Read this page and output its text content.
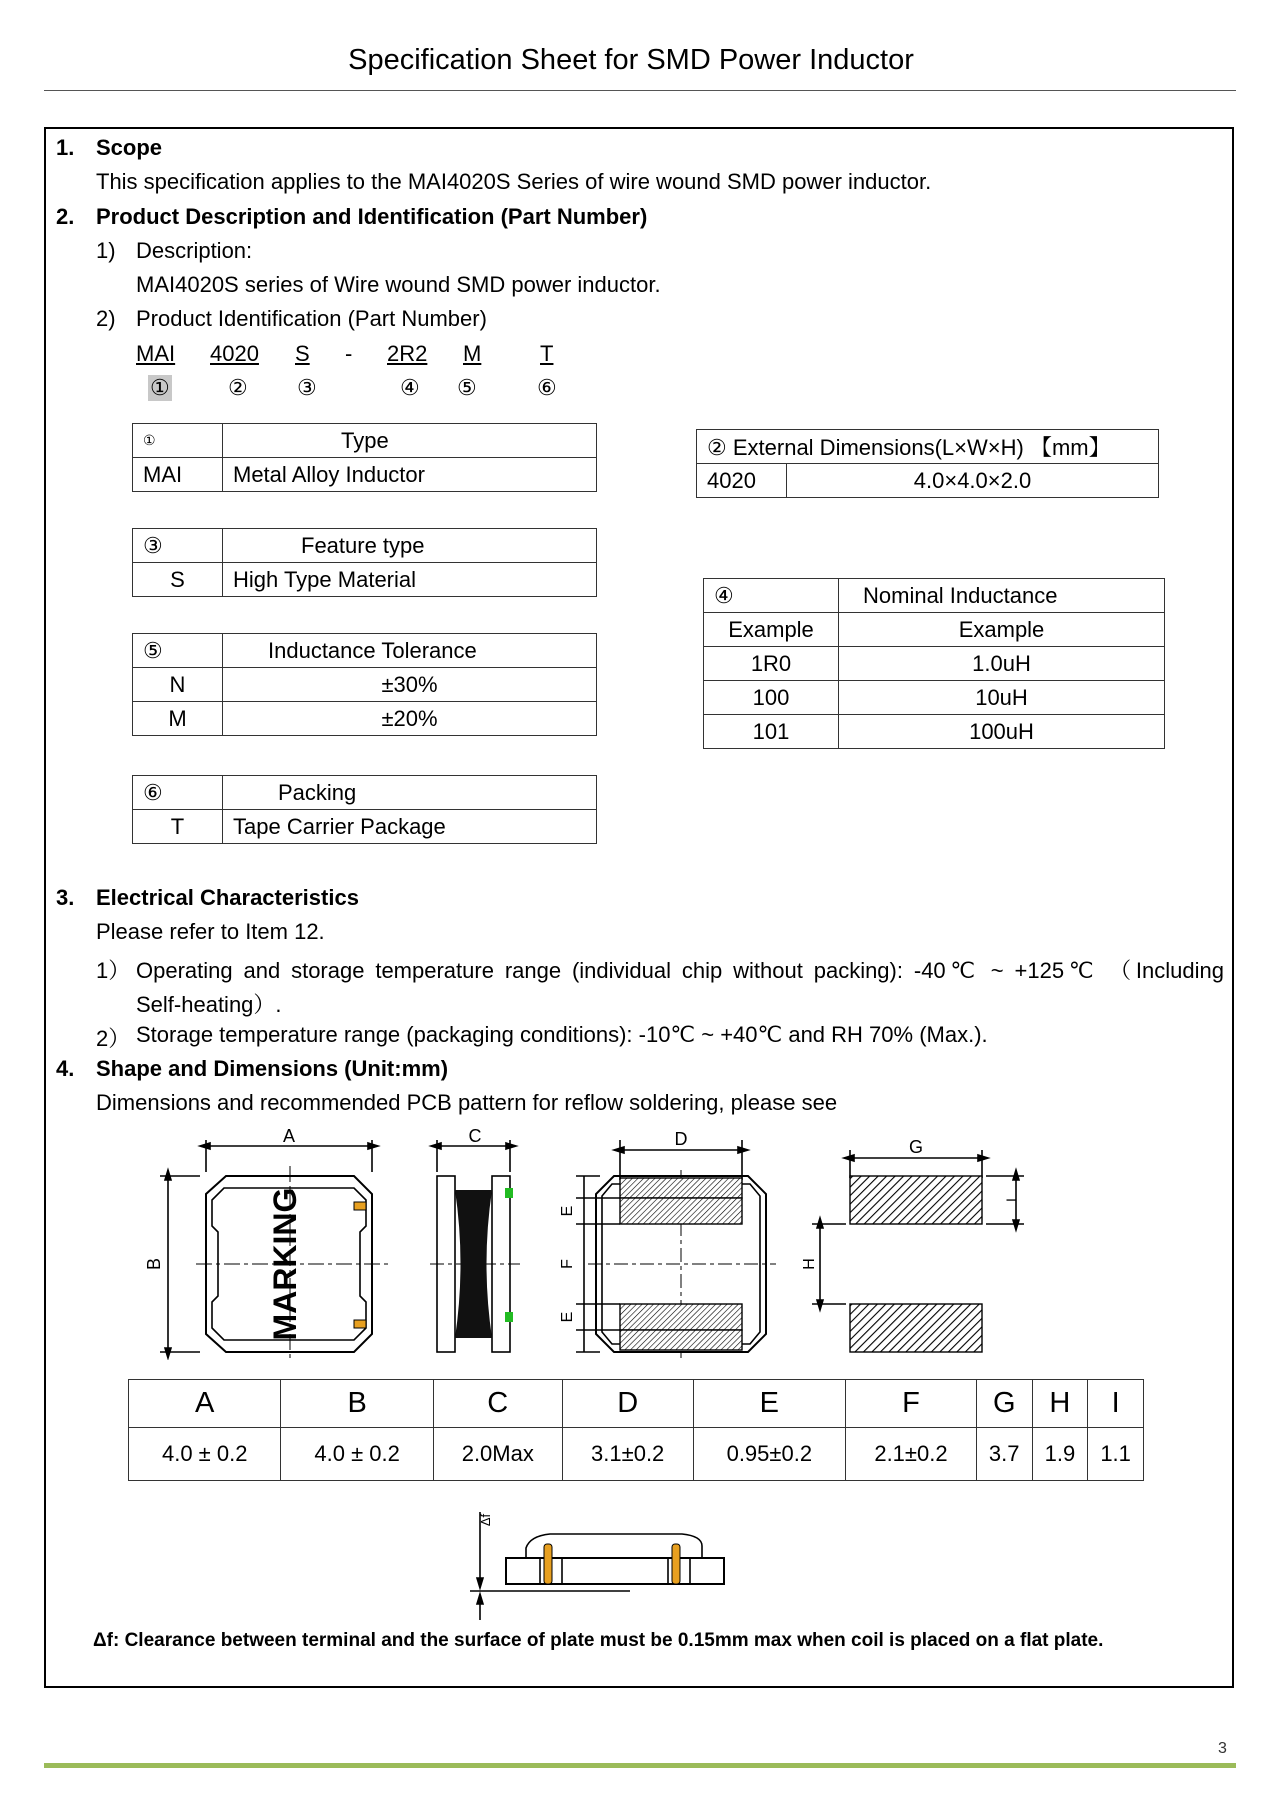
Specification Sheet for SMD Power Inductor
1. Scope
This specification applies to the MAI4020S Series of wire wound SMD power inductor.
2. Product Description and Identification (Part Number)
1) Description:
MAI4020S series of Wire wound SMD power inductor.
2) Product Identification (Part Number)
MAI 4020 S - 2R2 M	T
①	② ③	④ ⑤	⑥
①	Type
MAI	Metal Alloy Inductor
③	Feature type
S	High Type Material
⑤	Inductance Tolerance
N	±30%
M	±20%
⑥	Packing
T	Tape Carrier Package
② External Dimensions(L×W×H) 【mm】
4020	4.0×4.0×2.0
④	Nominal Inductance
Example	Example
1R0	1.0uH
100	10uH
101	100uH
3. Electrical Characteristics
Please refer to Item 12.
1） Operating and storage temperature range (individual chip without packing): -40℃ ~ +125℃ （Including
Self-heating）.
2） Storage temperature range (packaging conditions): -10℃ ~ +40℃ and RH 70% (Max.).
4. Shape and Dimensions (Unit:mm)
Dimensions and recommended PCB pattern for reflow soldering, please see
MARKING
A
B
C	D
E
F
E
G
I
H
A	B	C	D	E	F	G	H	I
4.0 ± 0.2	4.0 ± 0.2	2.0Max	3.1±0.2	0.95±0.2	2.1±0.2	3.7	1.9	1.1
Δf
Δf: Clearance between terminal and the surface of plate must be 0.15mm max when coil is placed on a flat plate.
3
